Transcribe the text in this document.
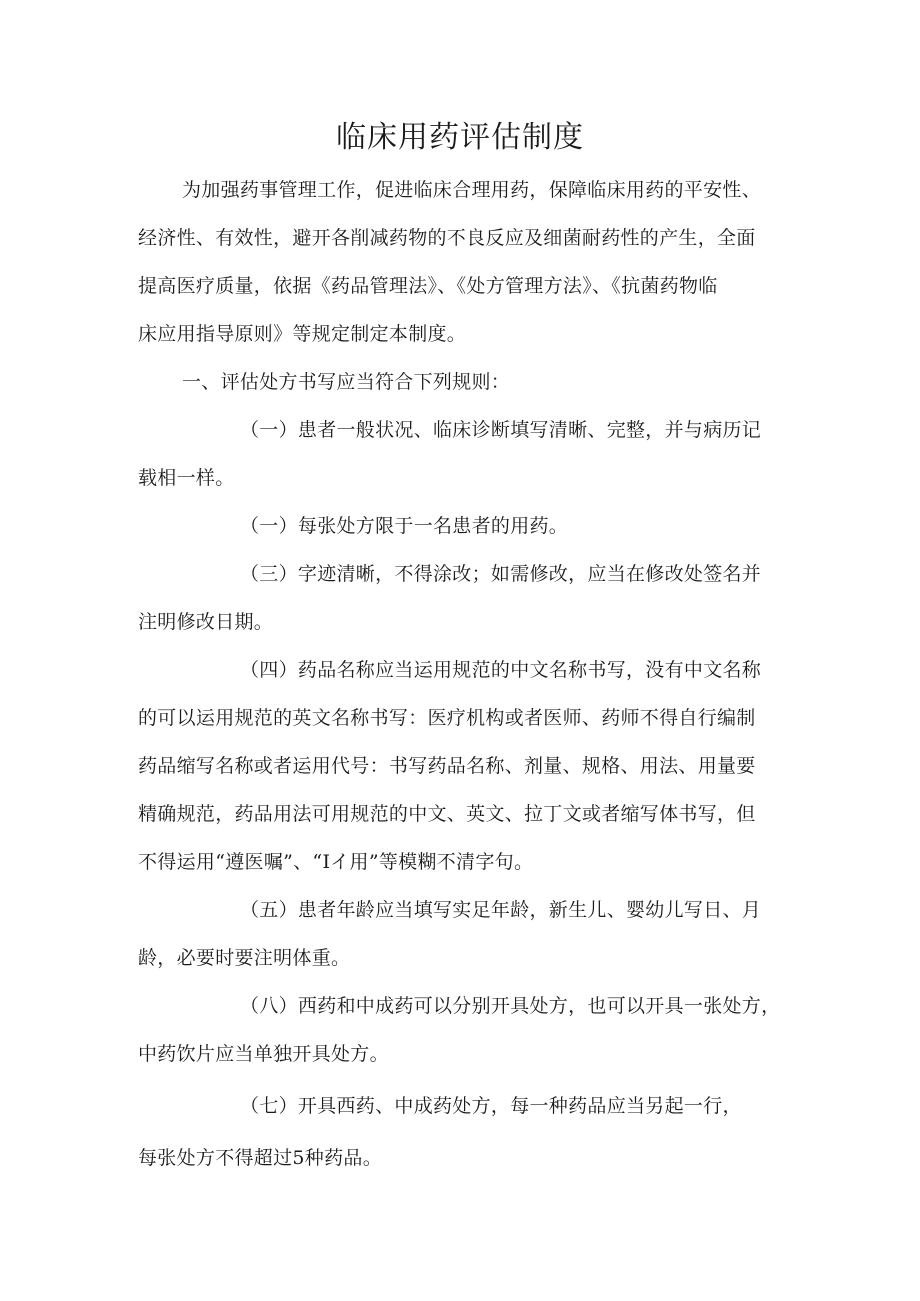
临床用药评估制度
为加强药事管理工作，促进临床合理用药，保障临床用药的平安性、
经济性、有效性，避开各削减药物的不良反应及细菌耐药性的产生，全面
提高医疗质量，依据《药品管理法》、《处方管理方法》、《抗菌药物临
床应用指导原则》等规定制定本制度。
一、评估处方书写应当符合下列规则：
（一）患者一般状况、临床诊断填写清晰、完整，并与病历记
载相一样。
（一）每张处方限于一名患者的用药。
（三）字迹清晰，不得涂改；如需修改，应当在修改处签名并
注明修改日期。
（四）药品名称应当运用规范的中文名称书写，没有中文名称
的可以运用规范的英文名称书写：医疗机构或者医师、药师不得自行编制
药品缩写名称或者运用代号：书写药品名称、剂量、规格、用法、用量要
精确规范，药品用法可用规范的中文、英文、拉丁文或者缩写体书写，但
不得运用“遵医嘱”、“Iイ用”等模糊不清字句。
（五）患者年龄应当填写实足年龄，新生儿、婴幼儿写日、月
龄，必要时要注明体重。
（八）西药和中成药可以分别开具处方，也可以开具一张处方，
中药饮片应当单独开具处方。
（七）开具西药、中成药处方，每一种药品应当另起一行，
每张处方不得超过5种药品。
